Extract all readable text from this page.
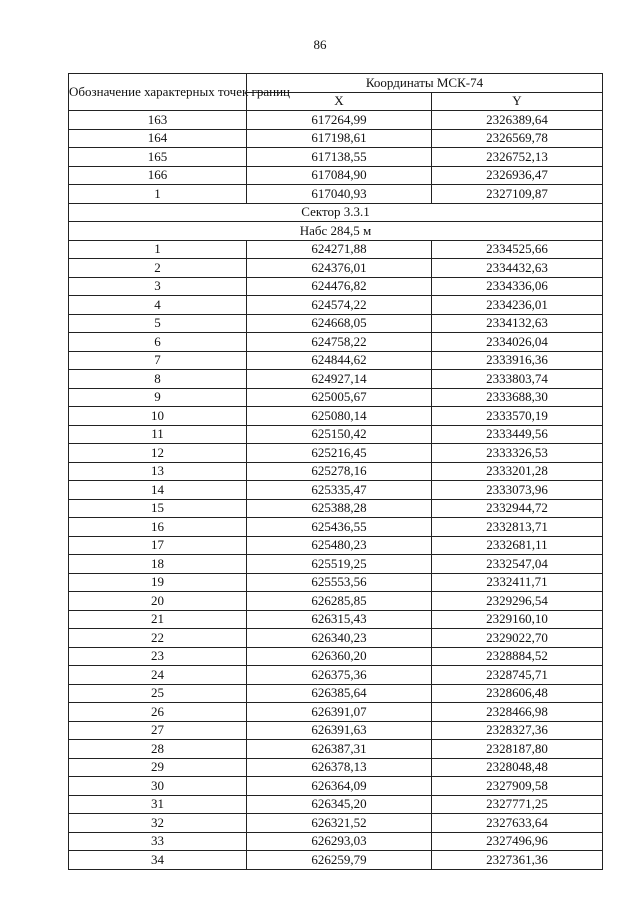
86
Обозначение характерных точек границ	Координаты МСК-74	
	X	Y
163	617264,99	2326389,64
164	617198,61	2326569,78
165	617138,55	2326752,13
166	617084,90	2326936,47
1	617040,93	2327109,87
Сектор 3.3.1		
Набс 284,5 м		
1	624271,88	2334525,66
2	624376,01	2334432,63
3	624476,82	2334336,06
4	624574,22	2334236,01
5	624668,05	2334132,63
6	624758,22	2334026,04
7	624844,62	2333916,36
8	624927,14	2333803,74
9	625005,67	2333688,30
10	625080,14	2333570,19
11	625150,42	2333449,56
12	625216,45	2333326,53
13	625278,16	2333201,28
14	625335,47	2333073,96
15	625388,28	2332944,72
16	625436,55	2332813,71
17	625480,23	2332681,11
18	625519,25	2332547,04
19	625553,56	2332411,71
20	626285,85	2329296,54
21	626315,43	2329160,10
22	626340,23	2329022,70
23	626360,20	2328884,52
24	626375,36	2328745,71
25	626385,64	2328606,48
26	626391,07	2328466,98
27	626391,63	2328327,36
28	626387,31	2328187,80
29	626378,13	2328048,48
30	626364,09	2327909,58
31	626345,20	2327771,25
32	626321,52	2327633,64
33	626293,03	2327496,96
34	626259,79	2327361,36
